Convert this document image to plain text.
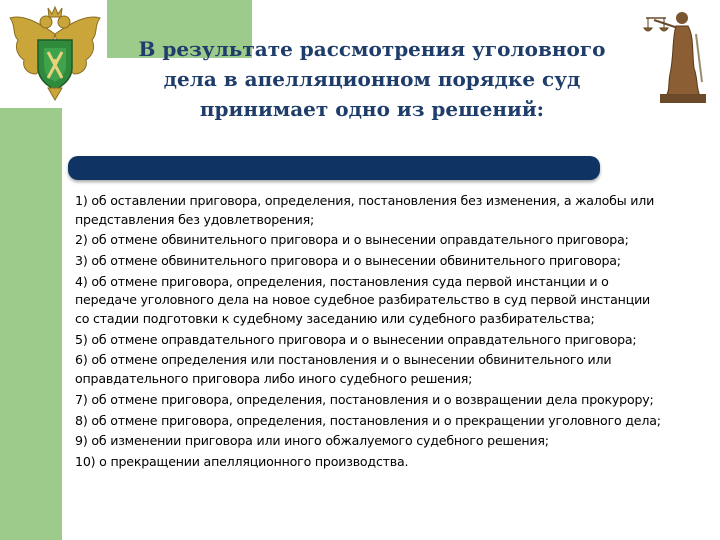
В результате рассмотрения уголовного дела в апелляционном порядке суд принимает одно из решений:
1) об оставлении приговора, определения, постановления без изменения, а жалобы или представления без удовлетворения;
2) об отмене обвинительного приговора и о вынесении оправдательного приговора;
3) об отмене обвинительного приговора и о вынесении обвинительного приговора;
4) об отмене приговора, определения, постановления суда первой инстанции и о передаче уголовного дела на новое судебное разбирательство в суд первой инстанции со стадии подготовки к судебному заседанию или судебного разбирательства;
5) об отмене оправдательного приговора и о вынесении оправдательного приговора;
6) об отмене определения или постановления и о вынесении обвинительного или оправдательного приговора либо иного судебного решения;
7) об отмене приговора, определения, постановления и о возвращении дела прокурору;
8) об отмене приговора, определения, постановления и о прекращении уголовного дела;
9) об изменении приговора или иного обжалуемого судебного решения;
10) о прекращении апелляционного производства.
